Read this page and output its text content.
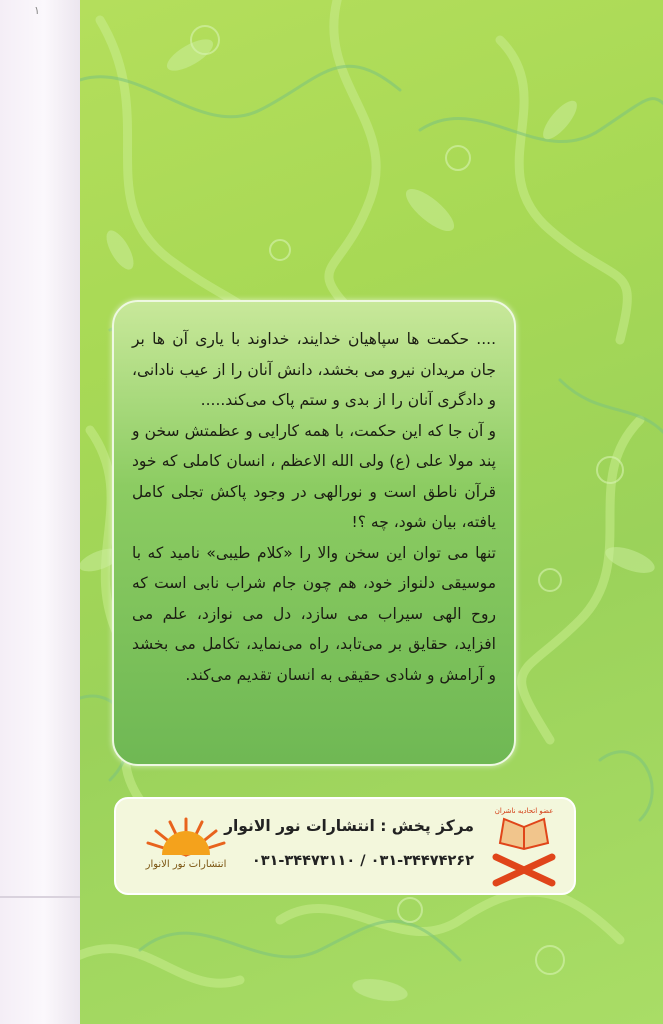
۱
انتشارات نور الانوار
مرکز پخش : انتشارات نور الانوار
۰۳۱-۳۴۴۷۴۲۶۲ / ۰۳۱-۳۴۴۷۳۱۱۰
عضو اتحادیه ناشران

.... حکمت ها سپاهیان خدایند، خداوند با یاری آن ها بر جان مریدان نیرو می بخشد، دانش آنان را از عیب نادانی، و دادگری آنان را از بدی و ستم پاک می‌کند.....

و آن جا که این حکمت، با همه کارایی و عظمتش سخن و پند مولا علی (ع) ولی الله الاعظم ، انسان کاملی که خود قرآن ناطق است و نورالهی در وجود پاکش تجلی کامل یافته، بیان شود، چه ؟!

تنها می توان این سخن والا را «کلام طیبی» نامید که با موسیقی دلنواز خود، هم چون جام شراب نابی است که روح الهی سیراب می سازد، دل می نوازد، علم می افزاید، حقایق بر می‌تابد، راه می‌نماید، تکامل می بخشد و آرامش و شادی حقیقی به انسان تقدیم می‌کند.
